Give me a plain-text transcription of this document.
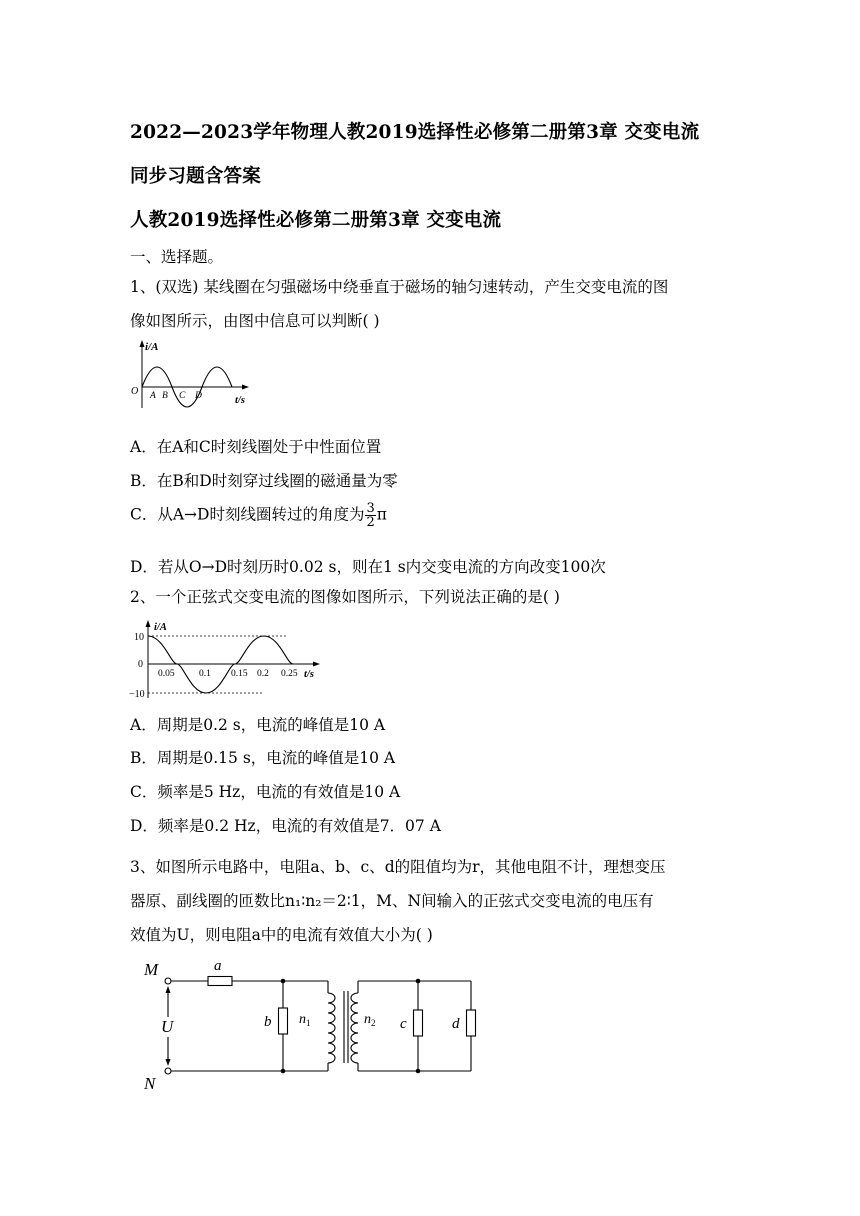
2022—2023学年物理人教2019选择性必修第二册第3章 交变电流
同步习题含答案
人教2019选择性必修第二册第3章 交变电流
一、选择题。
1、(双选) 某线圈在匀强磁场中绕垂直于磁场的轴匀速转动，产生交变电流的图
像如图所示，由图中信息可以判断( )
i/A
O A B C D	t/s
A．在A和C时刻线圈处于中性面位置
B．在B和D时刻穿过线圈的磁通量为零
C．从A→D时刻线圈转过的角度为 $\frac{3}{2}$ π
D．若从O→D时刻历时0.02 s，则在1 s内交变电流的方向改变100次
2、一个正弦式交变电流的图像如图所示，下列说法正确的是( )
i/A
10
0
−10
0.05	0.1 0.15 0.2 0.25 t/s
A．周期是0.2 s，电流的峰值是10 A
B．周期是0.15 s，电流的峰值是10 A
C．频率是5 Hz，电流的有效值是10 A
D．频率是0.2 Hz，电流的有效值是7．07 A
3、如图所示电路中，电阻a、b、c、d的阻值均为r，其他电阻不计，理想变压
器原、副线圈的匝数比n₁∶n₂＝2∶1，M、N间输入的正弦式交变电流的电压有
效值为U，则电阻a中的电流有效值大小为( )
M
N
U
a
b	c	d
$n_1$	$n_2$
